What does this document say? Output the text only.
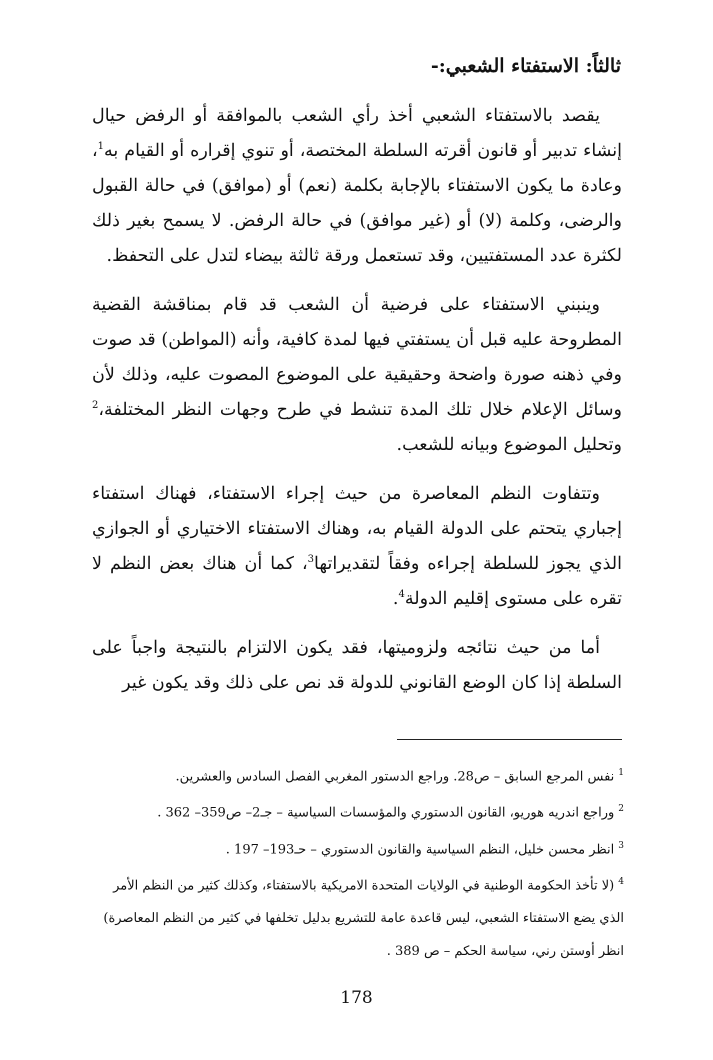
ثالثاً: الاستفتاء الشعبي:-

يقصد بالاستفتاء الشعبي أخذ رأي الشعب بالموافقة أو الرفض حيال إنشاء تدبير أو قانون أقرته السلطة المختصة، أو تنوي إقراره أو القيام به$^1$، وعادة ما يكون الاستفتاء بالإجابة بكلمة (نعم) أو (موافق) في حالة القبول والرضى، وكلمة (لا) أو (غير موافق) في حالة الرفض. لا يسمح بغير ذلك لكثرة عدد المستفتيين، وقد تستعمل ورقة ثالثة بيضاء لتدل على التحفظ.

وينبني الاستفتاء على فرضية أن الشعب قد قام بمناقشة القضية المطروحة عليه قبل أن يستفتي فيها لمدة كافية، وأنه (المواطن) قد صوت وفي ذهنه صورة واضحة وحقيقية على الموضوع المصوت عليه، وذلك لأن وسائل الإعلام خلال تلك المدة تنشط في طرح وجهات النظر المختلفة،$^2$ وتحليل الموضوع وبيانه للشعب.

وتتفاوت النظم المعاصرة من حيث إجراء الاستفتاء، فهناك استفتاء إجباري يتحتم على الدولة القيام به، وهناك الاستفتاء الاختياري أو الجوازي الذي يجوز للسلطة إجراءه وفقاً لتقديراتها$^3$، كما أن هناك بعض النظم لا تقره على مستوى إقليم الدولة$^4$.

أما من حيث نتائجه ولزوميتها، فقد يكون الالتزام بالنتيجة واجباً على السلطة إذا كان الوضع القانوني للدولة قد نص على ذلك وقد يكون غير

$^1$نفس المرجع السابق – ص28. وراجع الدستور المغربي الفصل السادس والعشرين.

$^2$وراجع اندريه هوريو، القانون الدستوري والمؤسسات السياسية – جـ2– ص359– 362 .

$^3$انظر محسن خليل، النظم السياسية والقانون الدستوري – حـ193– 197 .

$^4$(لا تأخذ الحكومة الوطنية في الولايات المتحدة الامريكية بالاستفتاء، وكذلك كثير من النظم الأمر الذي يضع الاستفتاء الشعبي، ليس قاعدة عامة للتشريع بدليل تخلفها في كثير من النظم المعاصرة) انظر أوستن رني، سياسة الحكم – ص 389 .

178
